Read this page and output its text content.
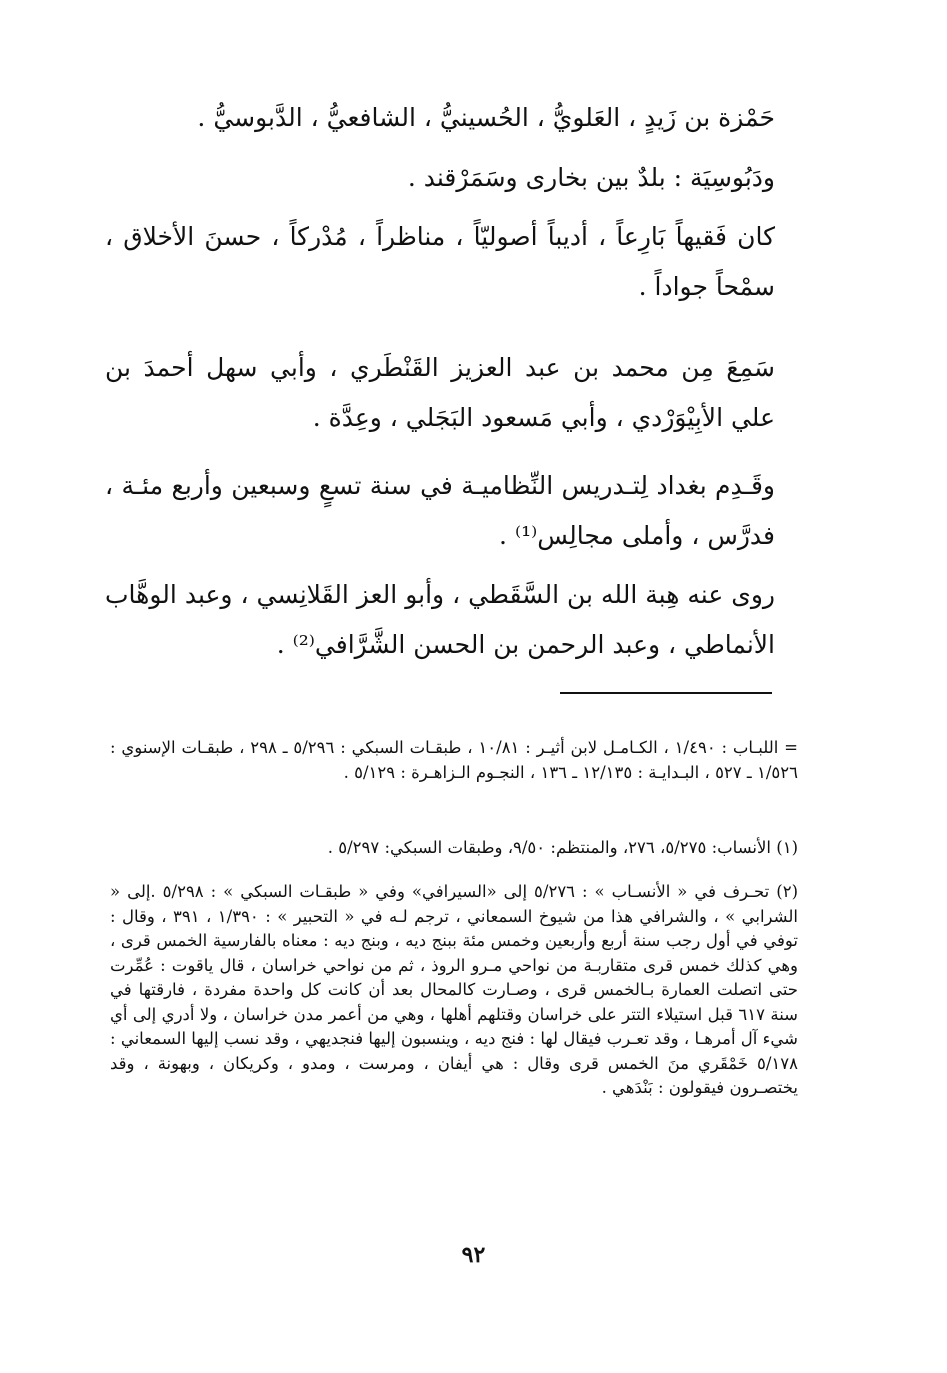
حَمْزة بن زَيدٍ ، العَلويُّ ، الحُسينيُّ ، الشافعيُّ ، الدَّبوسيُّ .

ودَبُوسِيَة : بلدٌ بين بخارى وسَمَرْقند .

كان فَقيهاً بَارِعاً ، أديباً أصوليّاً ، مناظراً ، مُدْركاً ، حسنَ الأخلاق ، سمْحاً جواداً .

سَمِعَ مِن محمد بن عبد العزيز القَنْطَري ، وأبي سهل أحمدَ بن علي الأبِيْوَرْدي ، وأبي مَسعود البَجَلي ، وعِدَّة .

وقَـدِم بغداد لِتـدريس النِّظاميـة في سنة تسعٍ وسبعين وأربع مئـة ، فدرَّس ، وأملى مجالِس⁽¹⁾ .

روى عنه هِبة الله بن السَّقَطي ، وأبو العز القَلانِسي ، وعبد الوهَّاب الأنماطي ، وعبد الرحمن بن الحسن الشَّرَّافي⁽²⁾ .

= اللبـاب : ١/٤٩٠ ، الكـامـل لابن أثيـر : ١٠/٨١ ، طبقـات السبكي : ٥/٢٩٦ ـ ٢٩٨ ، طبقـات الإسنوي : ١/٥٢٦ ـ ٥٢٧ ، البـدايـة : ١٢/١٣٥ ـ ١٣٦ ، النجـوم الـزاهـرة : ٥/١٢٩ .

(١) الأنساب: ٥/٢٧٥، ٢٧٦، والمنتظم: ٩/٥٠، وطبقات السبكي: ٥/٢٩٧ .

(٢) تحـرف في « الأنسـاب » : ٥/٢٧٦ إلى «السيرافي» وفي « طبقـات السبكي » : ٥/٢٩٨ .إلى « الشرابي » ، والشرافي هذا من شيوخ السمعاني ، ترجم لـه في « التحبير » : ١/٣٩٠ ، ٣٩١ ، وقال : توفي في أول رجب سنة أربع وأربعين وخمس مئة ببنج ديه ، وبنج ديه : معناه بالفارسية الخمس قرى ، وهي كذلك خمس قرى متقاربـة من نواحي مـرو الروذ ، ثم من نواحي خراسان ، قال ياقوت : عُمِّرت حتى اتصلت العمارة بـالخمس قرى ، وصـارت كالمحال بعد أن كانت كل واحدة مفردة ، فارقتها في سنة ٦١٧ قبل استيلاء التتر على خراسان وقتلهم أهلها ، وهي من أعمر مدن خراسان ، ولا أدري إلى أي شيء آل أمرهـا ، وقد تعـرب فيقال لها : فنج ديه ، وينسبون إليها فنجديهي ، وقد نسب إليها السمعاني : ٥/١٧٨ خَمْقَري منَ الخمس قرى وقال : هي أيفان ، ومرست ، ومدو ، وكريكان ، وبهونة ، وقد يختصـرون فيقولون : بَنْدَهي .

٩٢
